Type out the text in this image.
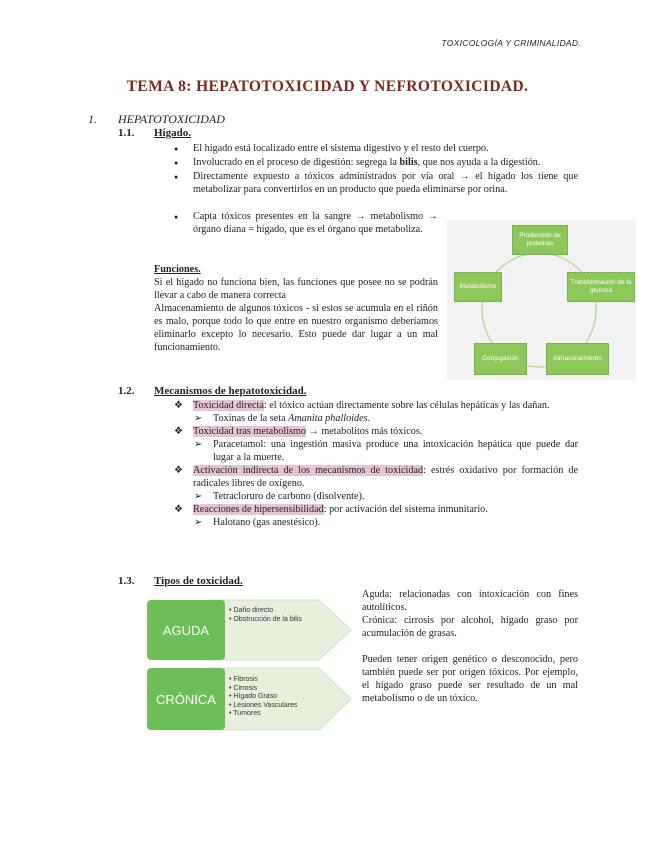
TOXICOLOGÍA Y CRIMINALIDAD.
TEMA 8: HEPATOTOXICIDAD Y NEFROTOXICIDAD.
1. HEPATOTOXICIDAD
1.1. Hígado.
● El hígado está localizado entre el sistema digestivo y el resto del cuerpo.
● Involucrado en el proceso de digestión: segrega la bilis, que nos ayuda a la digestión.
● Directamente expuesto a tóxicos administrados por vía oral → el hígado los tiene que metabolizar para convertirlos en un producto que pueda eliminarse por orina.
● Capta tóxicos presentes en la sangre → metabolismo → órgano diana = hígado, que es el órgano que metaboliza.
Funciones.
Si el hígado no funciona bien, las funciones que posee no se podrán llevar a cabo de manera correcta
Almacenamiento de algunos tóxicos - si estos se acumula en el riñón es malo, porque todo lo que entre en nuestro organismo deberíamos eliminarlo excepto lo necesario. Esto puede dar lugar a un mal funcionamiento.
Producción de proteínas
Transformación de la glucosa
Almacenamiento
Conjugación
Metabolismo
1.2. Mecanismos de hepatotoxicidad.
❖ Toxicidad directa: el tóxico actúan directamente sobre las células hepáticas y las dañan.
➢ Toxinas de la seta Amanita phalloides.
❖ Toxicidad tras metabolismo → metabolitos más tóxicos.
➢ Paracetamol: una ingestión masiva produce una intoxicación hepática que puede dar lugar a la muerte.
❖ Activación indirecta de los mecanismos de toxicidad: estrés oxidativo por formación de radicales libres de oxígeno.
➢ Tetracloruro de carbono (disolvente).
❖ Reacciones de hipersensibilidad: por activación del sistema inmunitario.
➢ Halotano (gas anestésico).
1.3. Tipos de toxicidad.
AGUDA
CRÓNICA
• Daño directo
• Obstrucción de la bilis
• Fibrosis
• Cirrosis
• Hígado Graso
• Lesiones Vasculares
• Tumores
Aguda: relacionadas con intoxicación con fines autolíticos.
Crónica: cirrosis por alcohol, hígado graso por acumulación de grasas.
Pueden tener origen genético o desconocido, pero también puede ser por origen tóxicos. Por ejemplo, el hígado graso puede ser resultado de un mal metabolismo o de un tóxico.
